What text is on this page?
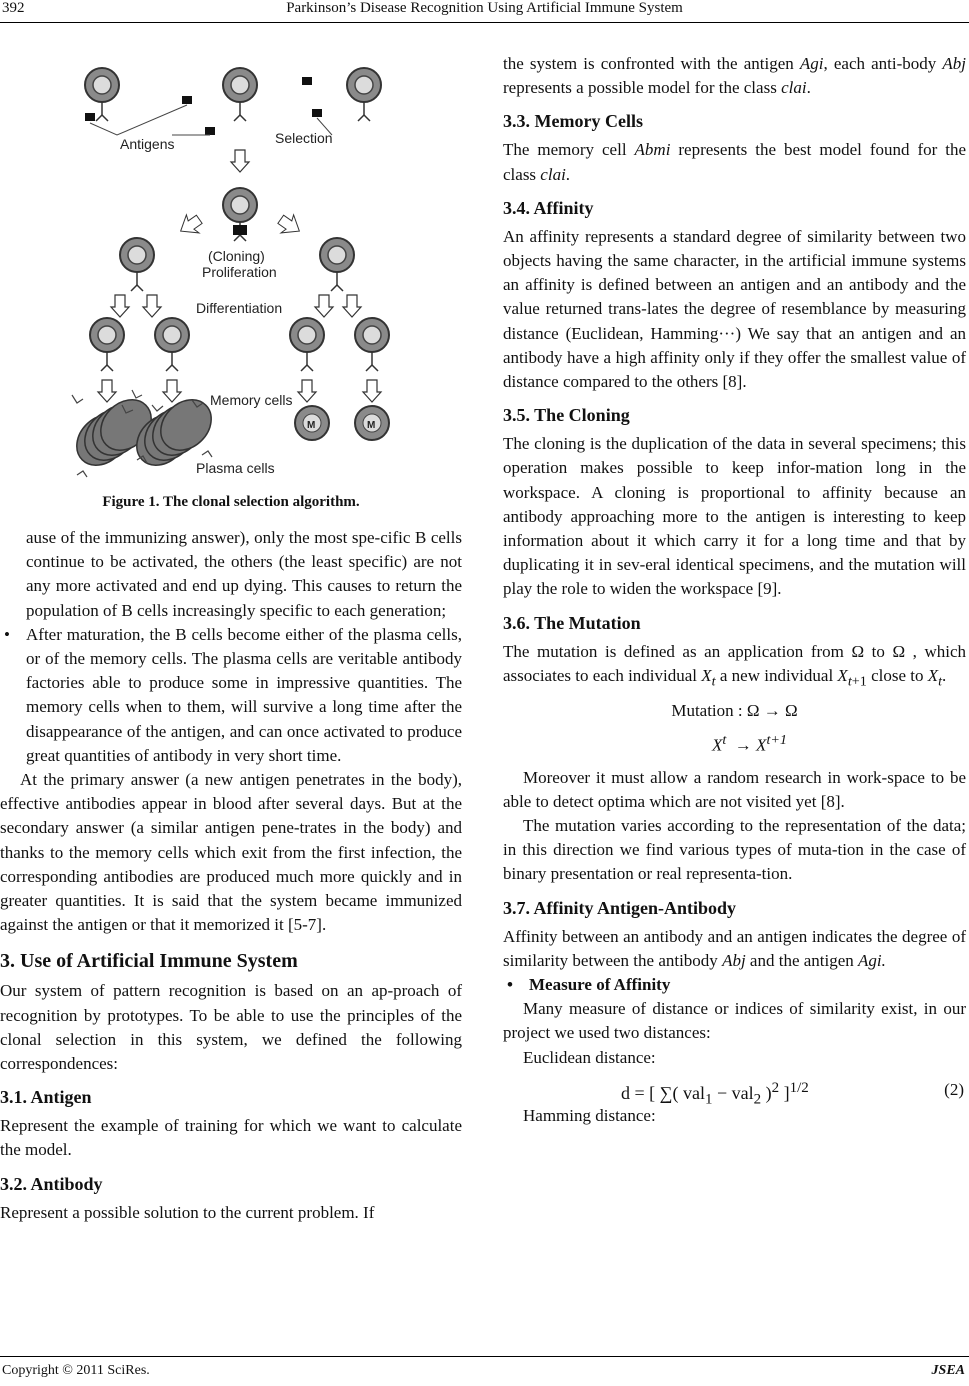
392	Parkinson’s Disease Recognition Using Artificial Immune System
Antigens	Selection
(Cloning)
Proliferation
Differentiation
Memory cells
M	M
Plasma cells
Figure 1. The clonal selection algorithm.

ause of the immunizing answer), only the most spe-cific B cells continue to be activated, the others (the least specific) are not any more activated and end up dying. This causes to return the population of B cells increasingly specific to each generation;

• After maturation, the B cells become either of the plasma cells, or of the memory cells. The plasma cells are veritable antibody factories able to produce some in impressive quantities. The memory cells when to them, will survive a long time after the disappearance of the antigen, and can once activated to produce great quantities of antibody in very short time.

At the primary answer (a new antigen penetrates in the body), effective antibodies appear in blood after several days. But at the secondary answer (a similar antigen pene-trates in the body) and thanks to the memory cells which exit from the first infection, the corresponding antibodies are produced much more quickly and in greater quantities. It is said that the system became immunized against the antigen or that it memorized it [5-7].

3. Use of Artificial Immune System

Our system of pattern recognition is based on an ap-proach of recognition by prototypes. To be able to use the principles of the clonal selection in this system, we defined the following correspondences:

3.1. Antigen

Represent the example of training for which we want to calculate the model.

3.2. Antibody

Represent a possible solution to the current problem. If

the system is confronted with the antigen Agi, each anti-body Abj represents a possible model for the class clai.

3.3. Memory Cells

The memory cell Abmi represents the best model found for the class clai.

3.4. Affinity

An affinity represents a standard degree of similarity between two objects having the same character, in the artificial immune systems an affinity is defined between an antigen and an antibody and the value returned trans-lates the degree of resemblance by measuring distance (Euclidean, Hamming···) We say that an antigen and an antibody have a high affinity only if they offer the smallest value of distance compared to the others [8].

3.5. The Cloning

The cloning is the duplication of the data in several specimens; this operation makes possible to keep infor-mation long in the workspace. A cloning is proportional to affinity because an antibody approaching more to the antigen is interesting to keep information about it which carry it for a long time and that by duplicating it in sev-eral identical specimens, and the mutation will play the role to widen the workspace [9].

3.6. The Mutation

The mutation is defined as an application from Ω to Ω , which associates to each individual $X_t$ a new individual $X_{t+1}$ close to $X_t$.

Mutation : Ω → Ω
$X^t \to X^{t+1}$

Moreover it must allow a random research in work-space to be able to detect optima which are not visited yet [8].

The mutation varies according to the representation of the data; in this direction we find various types of muta-tion in the case of binary presentation or real representa-tion.

3.7. Affinity Antigen-Antibody

Affinity between an antibody and an antigen indicates the degree of similarity between the antibody Abj and the antigen Agi.

• Measure of Affinity

Many measure of distance or indices of similarity exist, in our project we used two distances:

Euclidean distance:

d = [ ∑( val$_1$ − val$_2$ )$^2$ ]$^{1/2}$	(2)

Hamming distance:

Copyright © 2011 SciRes.	JSEA
